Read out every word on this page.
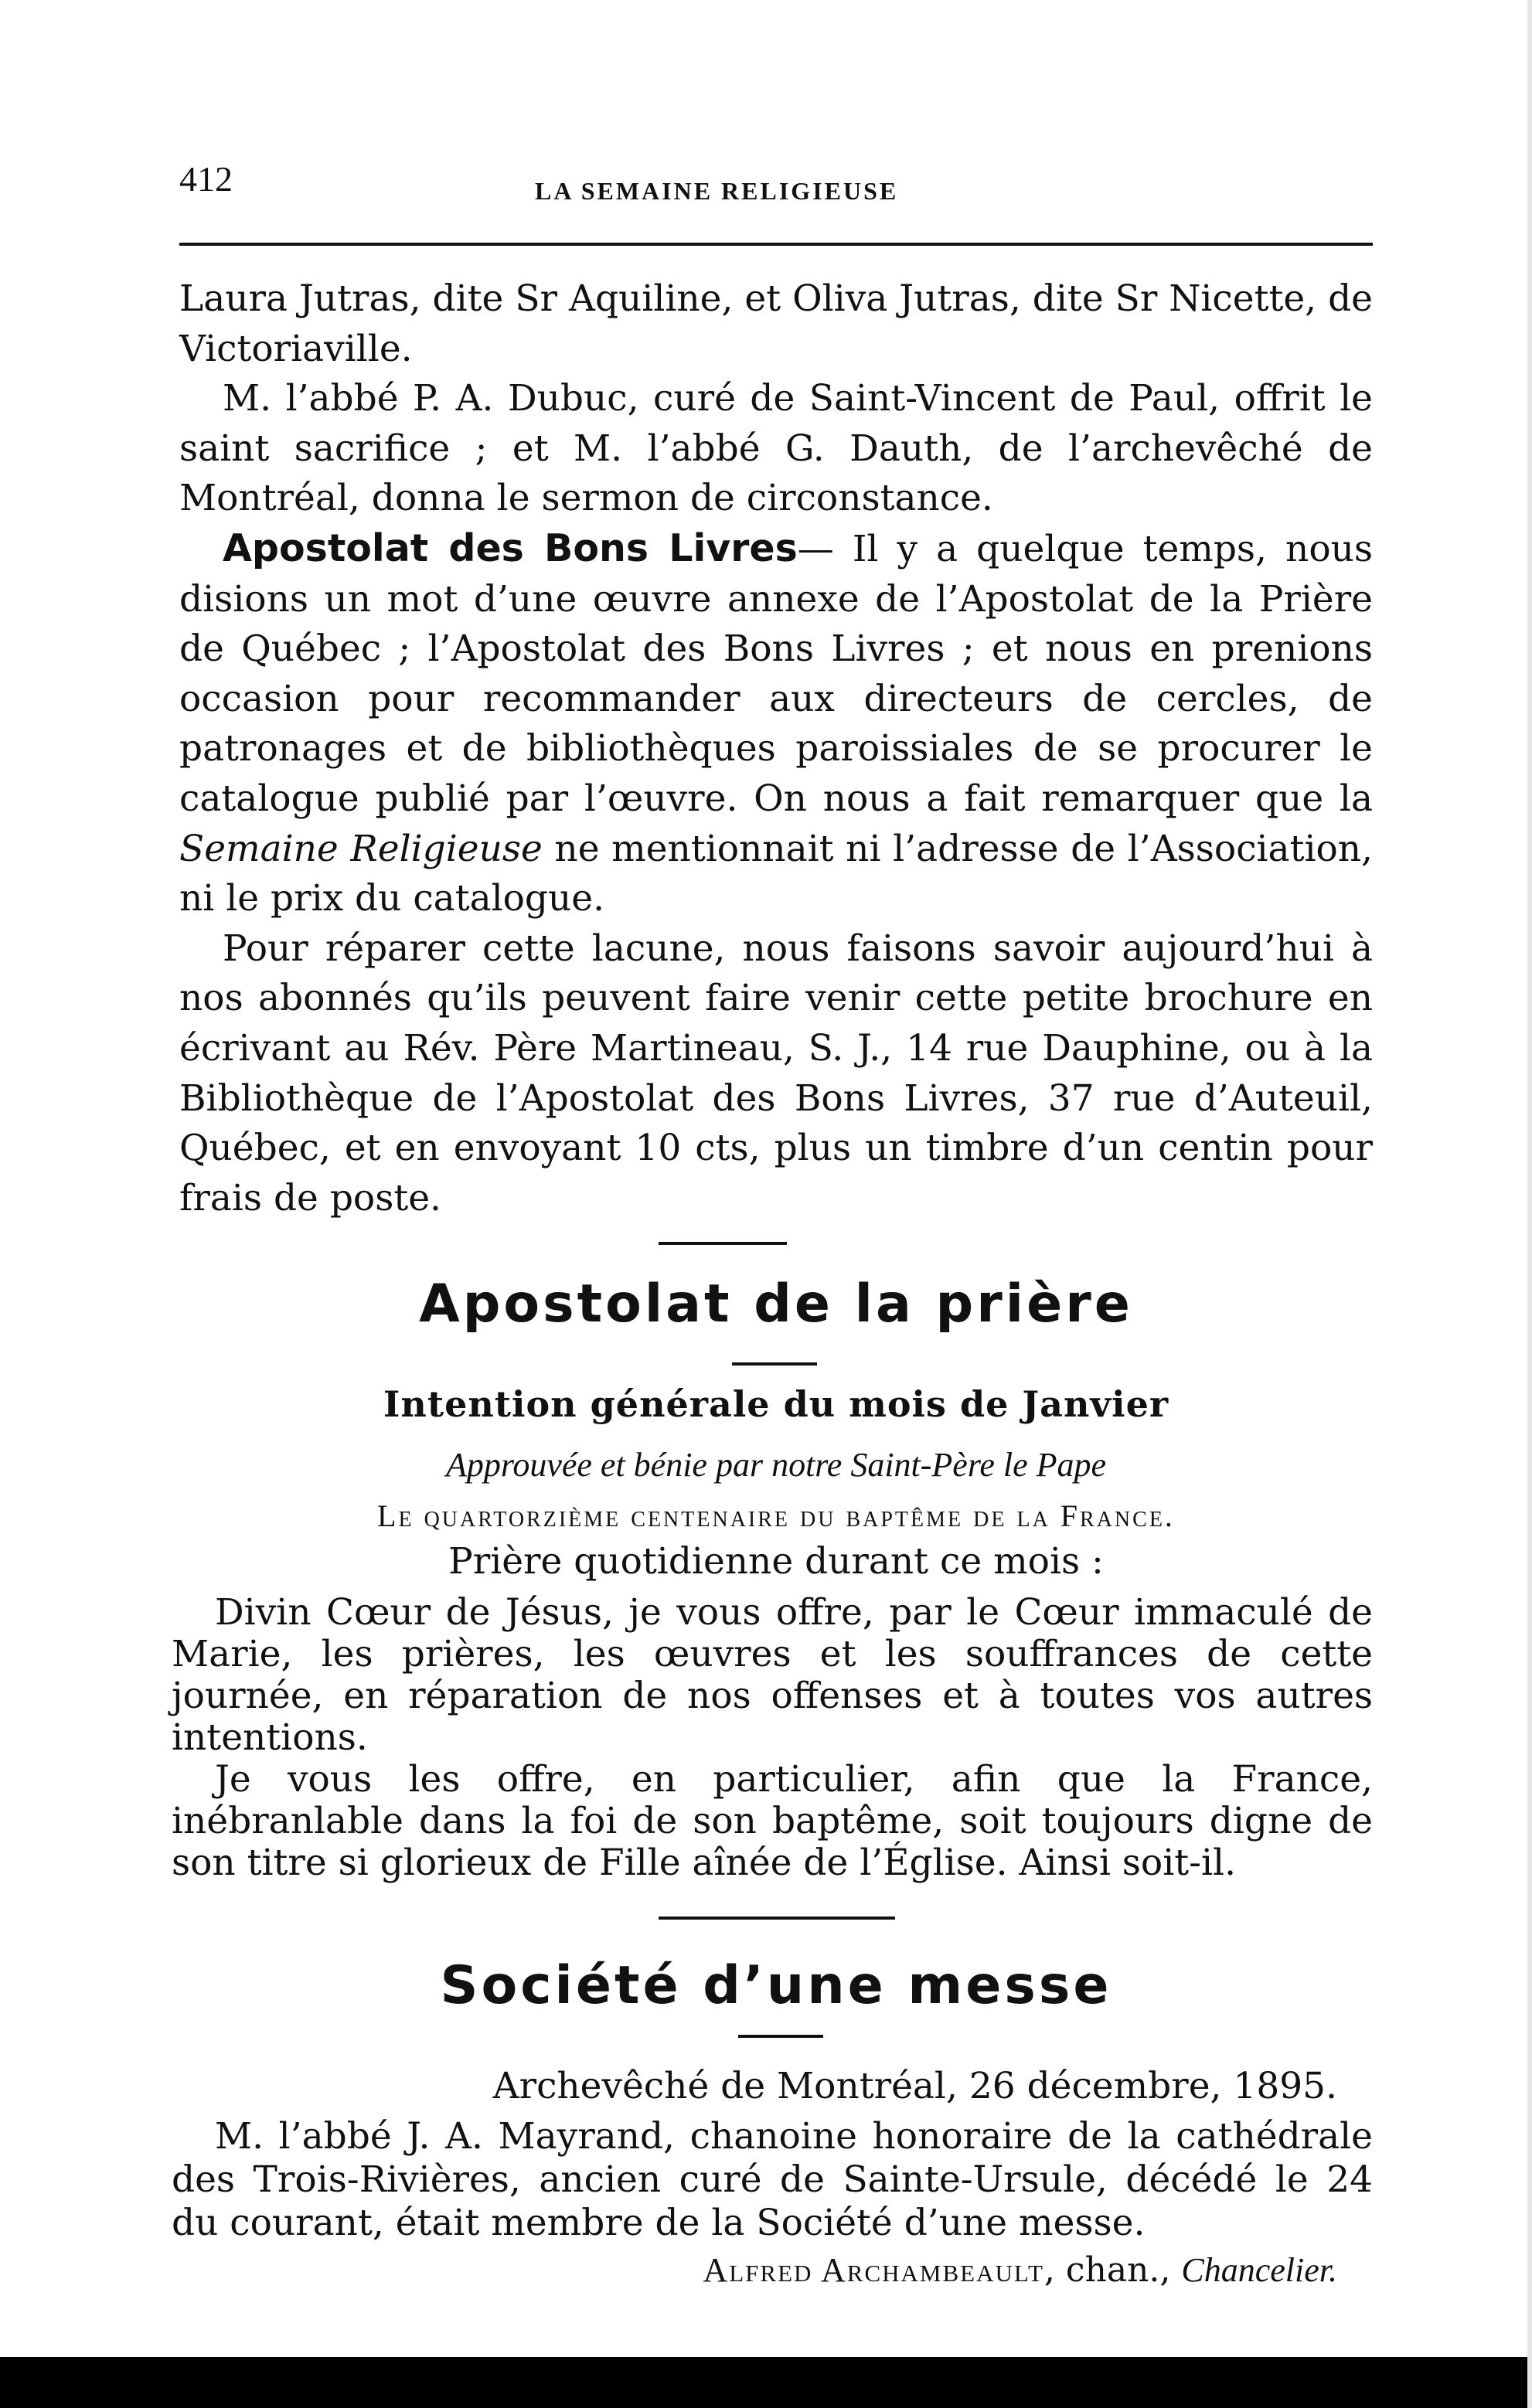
412	LA SEMAINE RELIGIEUSE

Laura Jutras, dite Sr Aquiline, et Oliva Jutras, dite Sr Nicette, de Victoriaville.

M. l’abbé P. A. Dubuc, curé de Saint-Vincent de Paul, offrit le saint sacrifice ; et M. l’abbé G. Dauth, de l’archevêché de Montréal, donna le sermon de circonstance.

Apostolat des Bons Livres— Il y a quelque temps, nous disions un mot d’une œuvre annexe de l’Apostolat de la Prière de Québec ; l’Apostolat des Bons Livres ; et nous en prenions occasion pour recommander aux directeurs de cercles, de patronages et de bibliothèques paroissiales de se procurer le catalogue publié par l’œuvre. On nous a fait remarquer que la Semaine Religieuse ne mentionnait ni l’adresse de l’Association, ni le prix du catalogue.

Pour réparer cette lacune, nous faisons savoir aujourd’hui à nos abonnés qu’ils peuvent faire venir cette petite brochure en écrivant au Rév. Père Martineau, S. J., 14 rue Dauphine, ou à la Bibliothèque de l’Apostolat des Bons Livres, 37 rue d’Auteuil, Québec, et en envoyant 10 cts, plus un timbre d’un centin pour frais de poste.

Apostolat de la prière
Intention générale du mois de Janvier
Approuvée et bénie par notre Saint-Père le Pape
Le quartorzième centenaire du baptême de la France.
Prière quotidienne durant ce mois :

Divin Cœur de Jésus, je vous offre, par le Cœur immaculé de Marie, les prières, les œuvres et les souffrances de cette journée, en réparation de nos offenses et à toutes vos autres intentions.

Je vous les offre, en particulier, afin que la France, inébranlable dans la foi de son baptême, soit toujours digne de son titre si glorieux de Fille aînée de l’Église. Ainsi soit-il.

Société d’une messe
Archevêché de Montréal, 26 décembre, 1895.

M. l’abbé J. A. Mayrand, chanoine honoraire de la cathédrale des Trois-Rivières, ancien curé de Sainte-Ursule, décédé le 24 du courant, était membre de la Société d’une messe.

Alfred Archambeault, chan., Chancelier.
